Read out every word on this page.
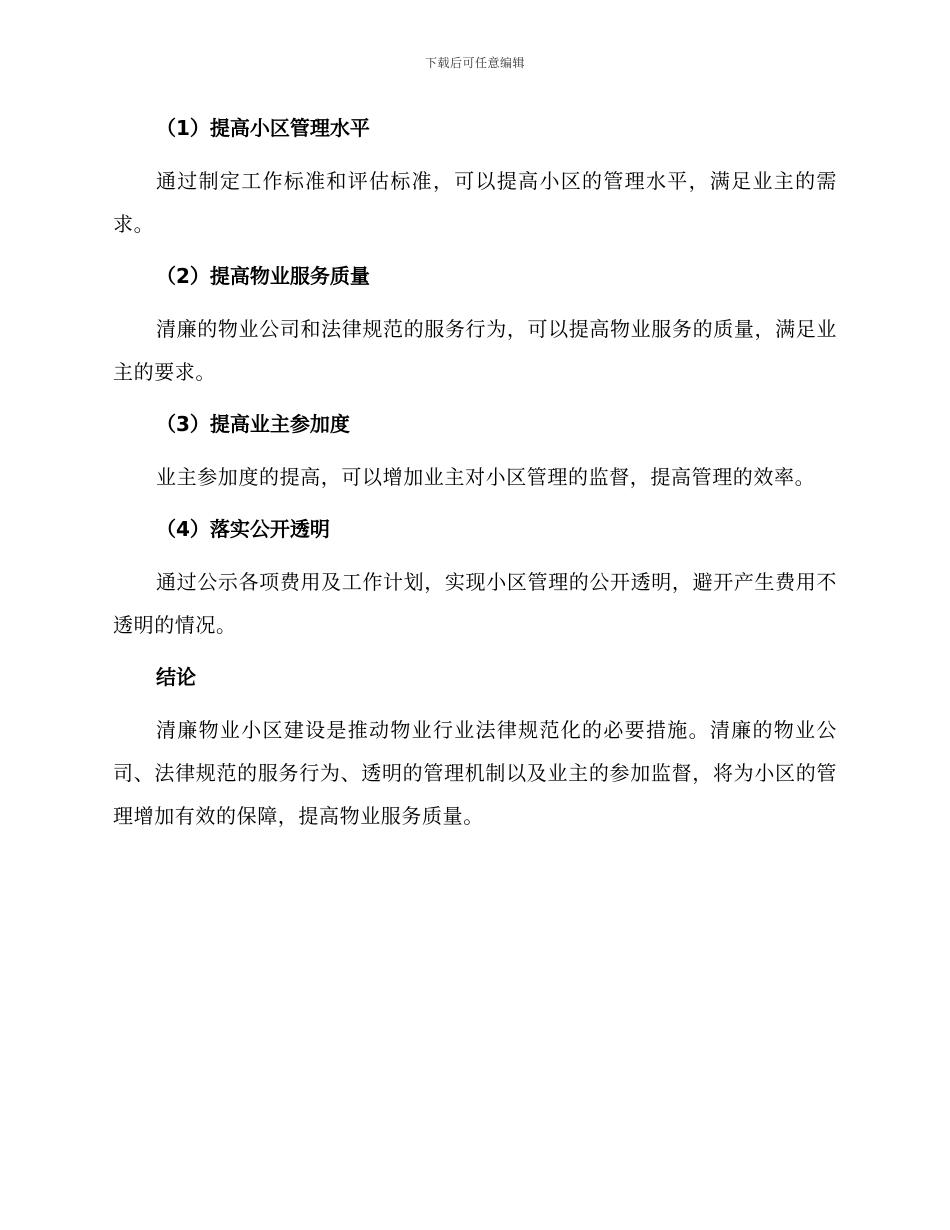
下载后可任意编辑
（1）提高小区管理水平

通过制定工作标准和评估标准，可以提高小区的管理水平，满足业主的需求。

（2）提高物业服务质量

清廉的物业公司和法律规范的服务行为，可以提高物业服务的质量，满足业主的要求。

（3）提高业主参加度

业主参加度的提高，可以增加业主对小区管理的监督，提高管理的效率。

（4）落实公开透明

通过公示各项费用及工作计划，实现小区管理的公开透明，避开产生费用不透明的情况。

结论

清廉物业小区建设是推动物业行业法律规范化的必要措施。清廉的物业公司、法律规范的服务行为、透明的管理机制以及业主的参加监督，将为小区的管理增加有效的保障，提高物业服务质量。
